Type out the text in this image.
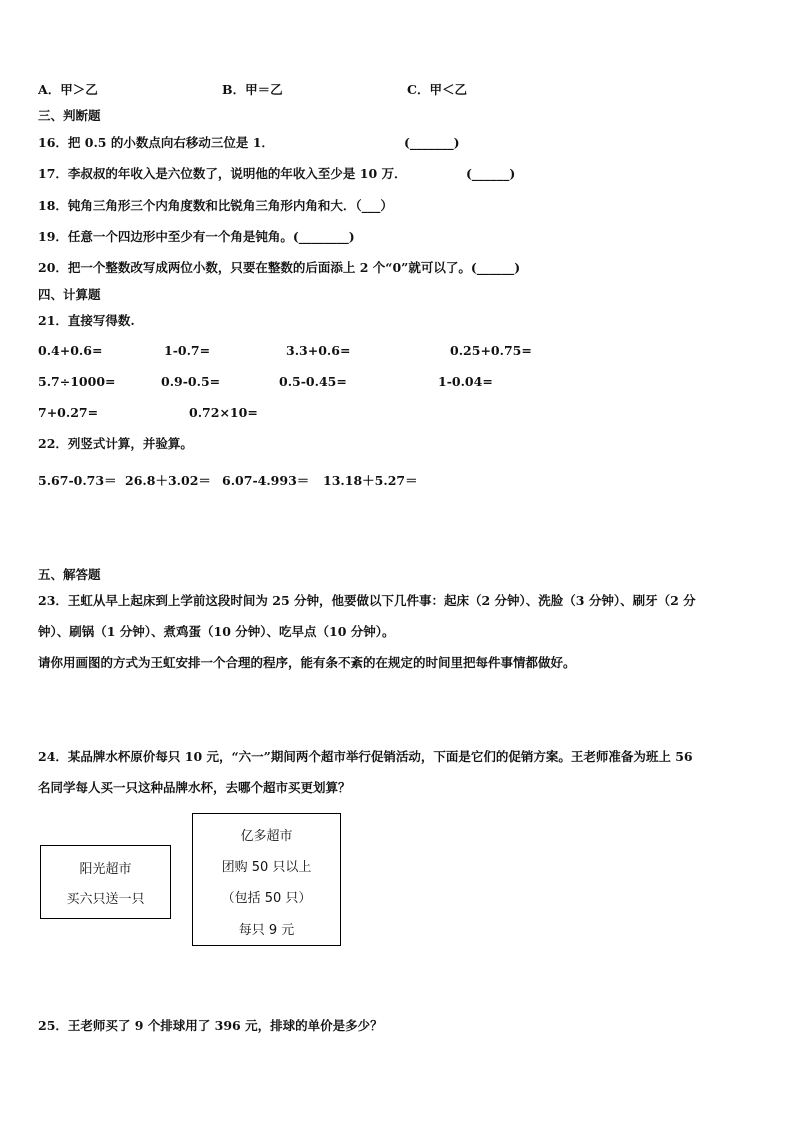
A．甲＞乙	B．甲＝乙	C．甲＜乙
三、判断题
16．把 0.5 的小数点向右移动三位是 1．	(_______)
17．李叔叔的年收入是六位数了，说明他的年收入至少是 10 万．	(______)
18．钝角三角形三个内角度数和比锐角三角形内角和大．（___）
19．任意一个四边形中至少有一个角是钝角。(________)
20．把一个整数改写成两位小数，只要在整数的后面添上 2 个“0”就可以了。(______)
四、计算题
21．直接写得数.
0.4+0.6=	1-0.7=	3.3+0.6=	0.25+0.75=
5.7÷1000=	0.9-0.5=	0.5-0.45=	1-0.04=
7+0.27=	0.72×10=
22．列竖式计算，并验算。
5.67-0.73＝ 26.8＋3.02＝ 6.07-4.993＝ 13.18＋5.27＝
五、解答题
23．王虹从早上起床到上学前这段时间为 25 分钟，他要做以下几件事：起床（2 分钟）、洗脸（3 分钟）、刷牙（2 分
钟）、刷锅（1 分钟）、煮鸡蛋（10 分钟）、吃早点（10 分钟）。
请你用画图的方式为王虹安排一个合理的程序，能有条不紊的在规定的时间里把每件事情都做好。
24．某品牌水杯原价每只 10 元，“六一”期间两个超市举行促销活动，下面是它们的促销方案。王老师准备为班上 56
名同学每人买一只这种品牌水杯，去哪个超市买更划算？
阳光超市
买六只送一只
亿多超市
团购 50 只以上
（包括 50 只）
每只 9 元
25．王老师买了 9 个排球用了 396 元，排球的单价是多少？
